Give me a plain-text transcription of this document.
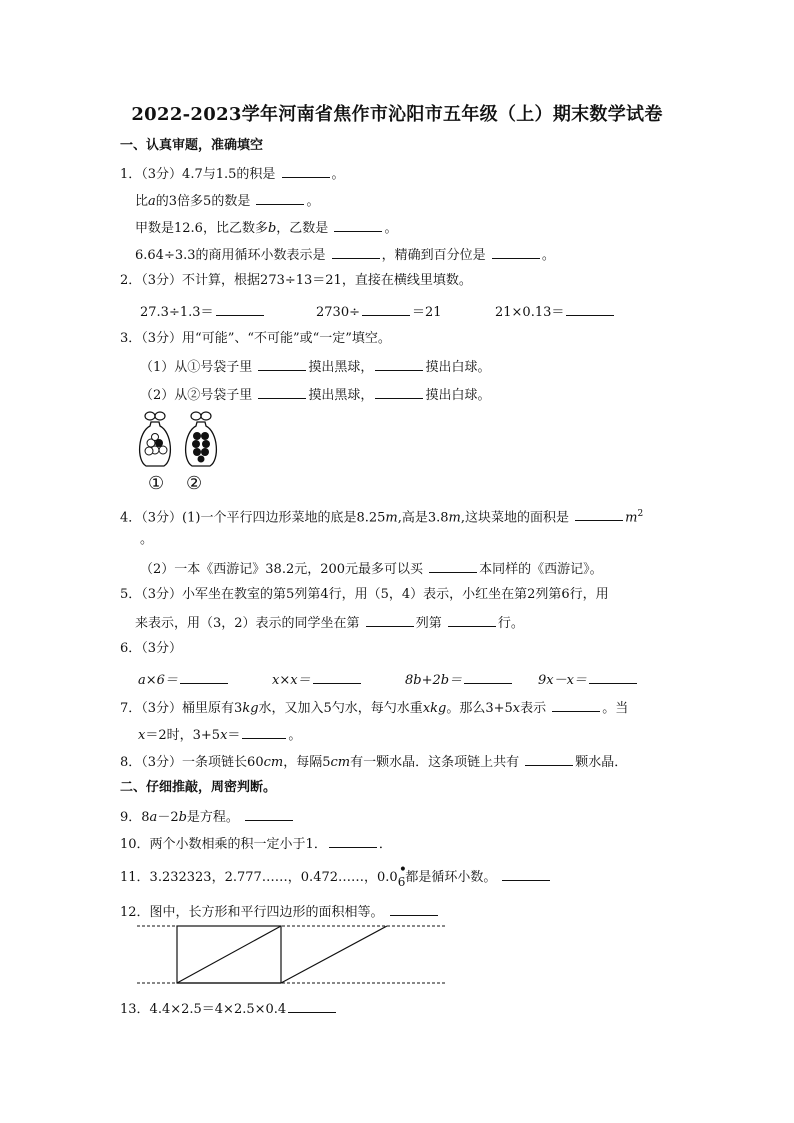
2022-2023学年河南省焦作市沁阳市五年级（上）期末数学试卷
一、认真审题，准确填空
1．（3分）4.7与1.5的积是	。
比a的3倍多5的数是	。
甲数是12.6，比乙数多b，乙数是	。
6.64÷3.3的商用循环小数表示是	，精确到百分位是	。
2．（3分）不计算，根据273÷13＝21，直接在横线里填数。
27.3÷1.3＝	2730÷	＝21	21×0.13＝
3．（3分）用“可能”、“不可能”或“一定”填空。
（1）从①号袋子里	摸出黑球，	摸出白球。
（2）从②号袋子里	摸出黑球，	摸出白球。
① ②
4．（3分）(1)一个平行四边形菜地的底是8.25m,高是3.8m,这块菜地的面积是	$m^2$
。
（2）一本《西游记》38.2元，200元最多可以买	本同样的《西游记》。
5．（3分）小军坐在教室的第5列第4行，用（5，4）表示，小红坐在第2列第6行，用
来表示，用（3，2）表示的同学坐在第	列第	行。
6．（3分）
a×6＝	x×x＝	8b+2b＝	9x－x＝
7．（3分）桶里原有3kg水，又加入5勺水，每勺水重xkg。那么3+5x表示	。当
x＝2时，3+5x＝	。
8．（3分）一条项链长60cm，每隔5cm有一颗水晶．这条项链上共有	颗水晶．
二、仔细推敲，周密判断。
9．8a－2b是方程。
10．两个小数相乘的积一定小于1．	．
11．3.232323，2.777……，0.472……，0.0 •
6都是循环小数。
12．图中，长方形和平行四边形的面积相等。
13．4.4×2.5＝4×2.5×0.4
